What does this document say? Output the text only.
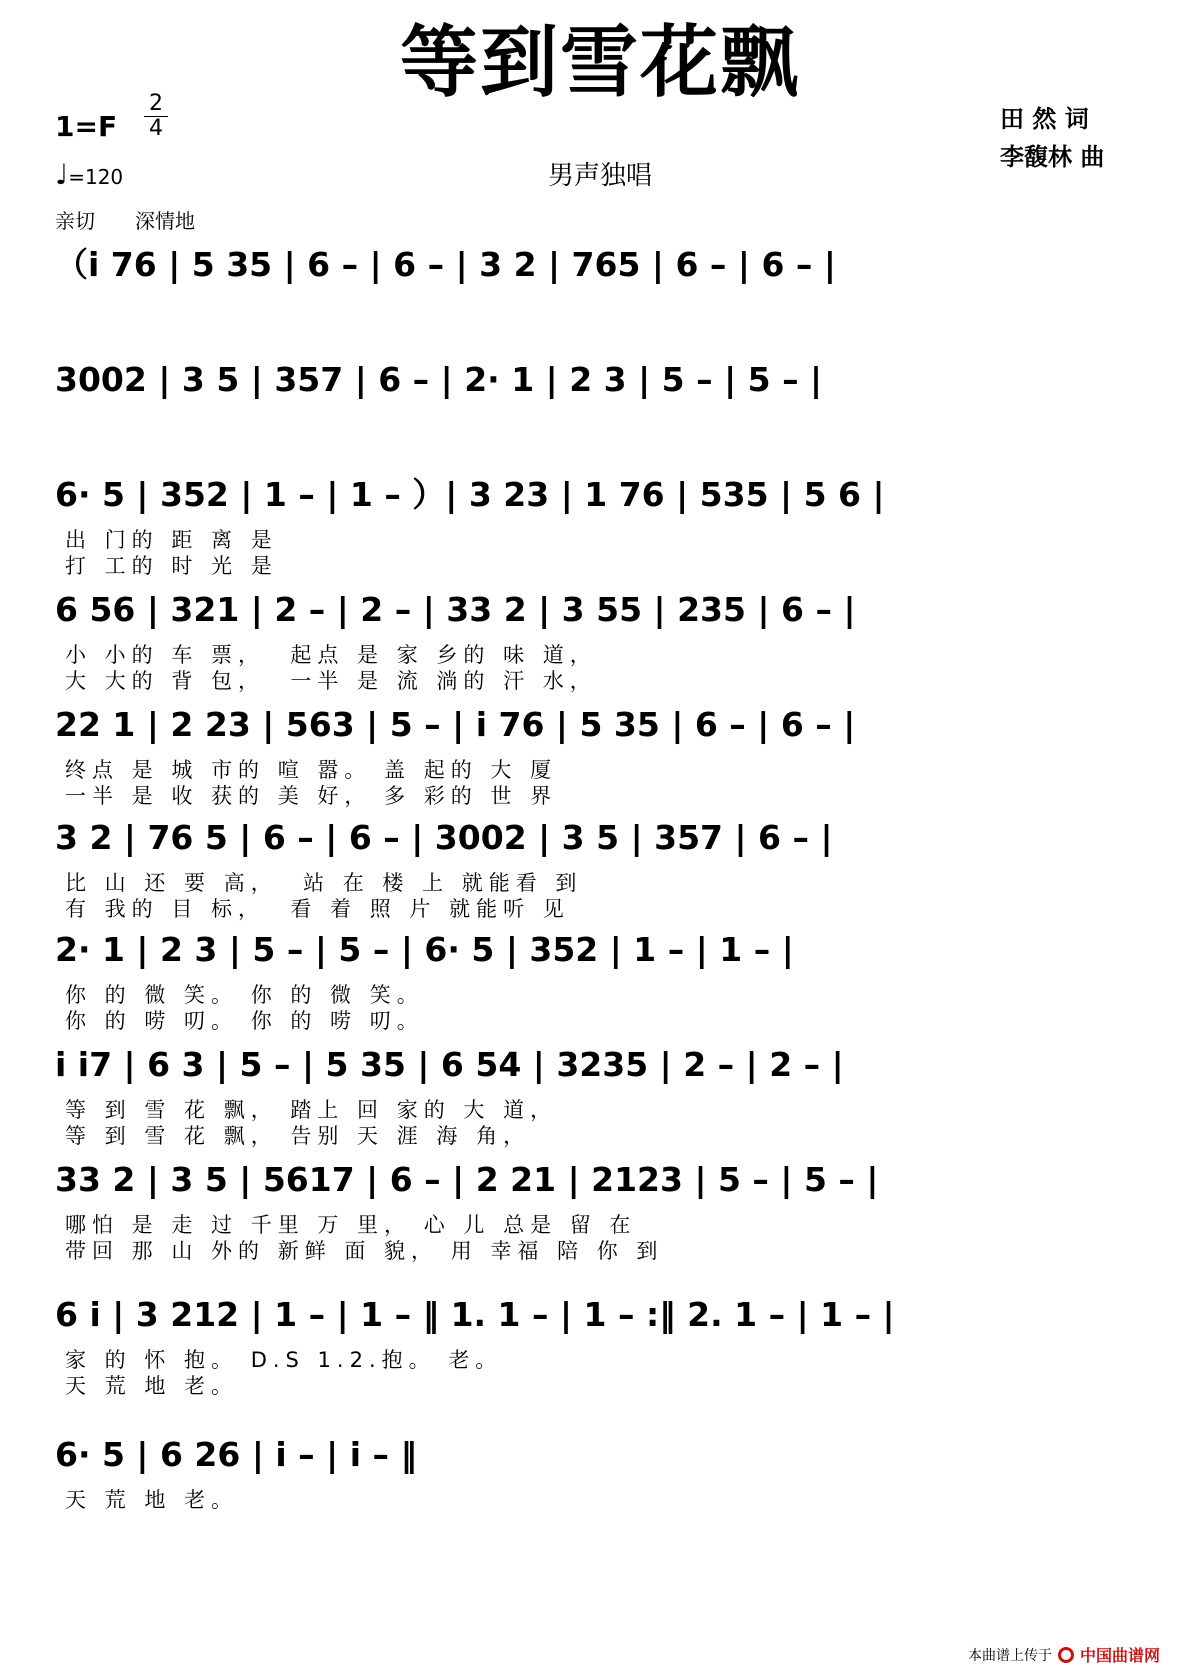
等到雪花飘
1=F
2
4
♩=120	男声独唱
田 然 词
李馥林 曲
亲切 深情地
（i 76 | 5 35 | 6 – | 6 – | 3 2 | 765 | 6 – | 6 – |
3002 | 3 5 | 357 | 6 – | 2· 1 | 2 3 | 5 – | 5 – |
6· 5 | 352 | 1 – | 1 – ）| 3 23 | 1 76 | 535 | 5 6 |
出 门的 距 离 是
打 工的 时 光 是
6 56 | 321 | 2 – | 2 – | 33 2 | 3 55 | 235 | 6 – |
小 小的 车 票，  起点 是 家 乡的 味 道，
大 大的 背 包，  一半 是 流 淌的 汗 水，
22 1 | 2 23 | 563 | 5 – | i 76 | 5 35 | 6 – | 6 – |
终点 是 城 市的 喧 嚣。 盖 起的 大 厦
一半 是 收 获的 美 好， 多 彩的 世 界
3 2 | 76 5 | 6 – | 6 – | 3002 | 3 5 | 357 | 6 – |
比 山 还 要 高，  站 在 楼 上 就能看 到
有 我的 目 标，  看 着 照 片 就能听 见
2· 1 | 2 3 | 5 – | 5 – | 6· 5 | 352 | 1 – | 1 – |
你 的 微 笑。 你 的 微 笑。
你 的 唠 叨。 你 的 唠 叨。
i i7 | 6 3 | 5 – | 5 35 | 6 54 | 3235 | 2 – | 2 – |
等 到 雪 花 飘， 踏上 回 家的 大 道，
等 到 雪 花 飘， 告别 天 涯 海 角，
33 2 | 3 5 | 5617 | 6 – | 2 21 | 2123 | 5 – | 5 – |
哪怕 是 走 过 千里 万 里， 心 儿 总是 留 在
带回 那 山 外的 新鲜 面 貌， 用 幸福 陪 你 到
6 i | 3 212 | 1 – | 1 – ‖ 1. 1 – | 1 – :‖ 2. 1 – | 1 – |
家 的 怀 抱。 D.S 1.2.抱。 老。
天 荒 地 老。
6· 5 | 6 26 | i – | i – ‖
天 荒 地 老。
本曲谱上传于 中国曲谱网
